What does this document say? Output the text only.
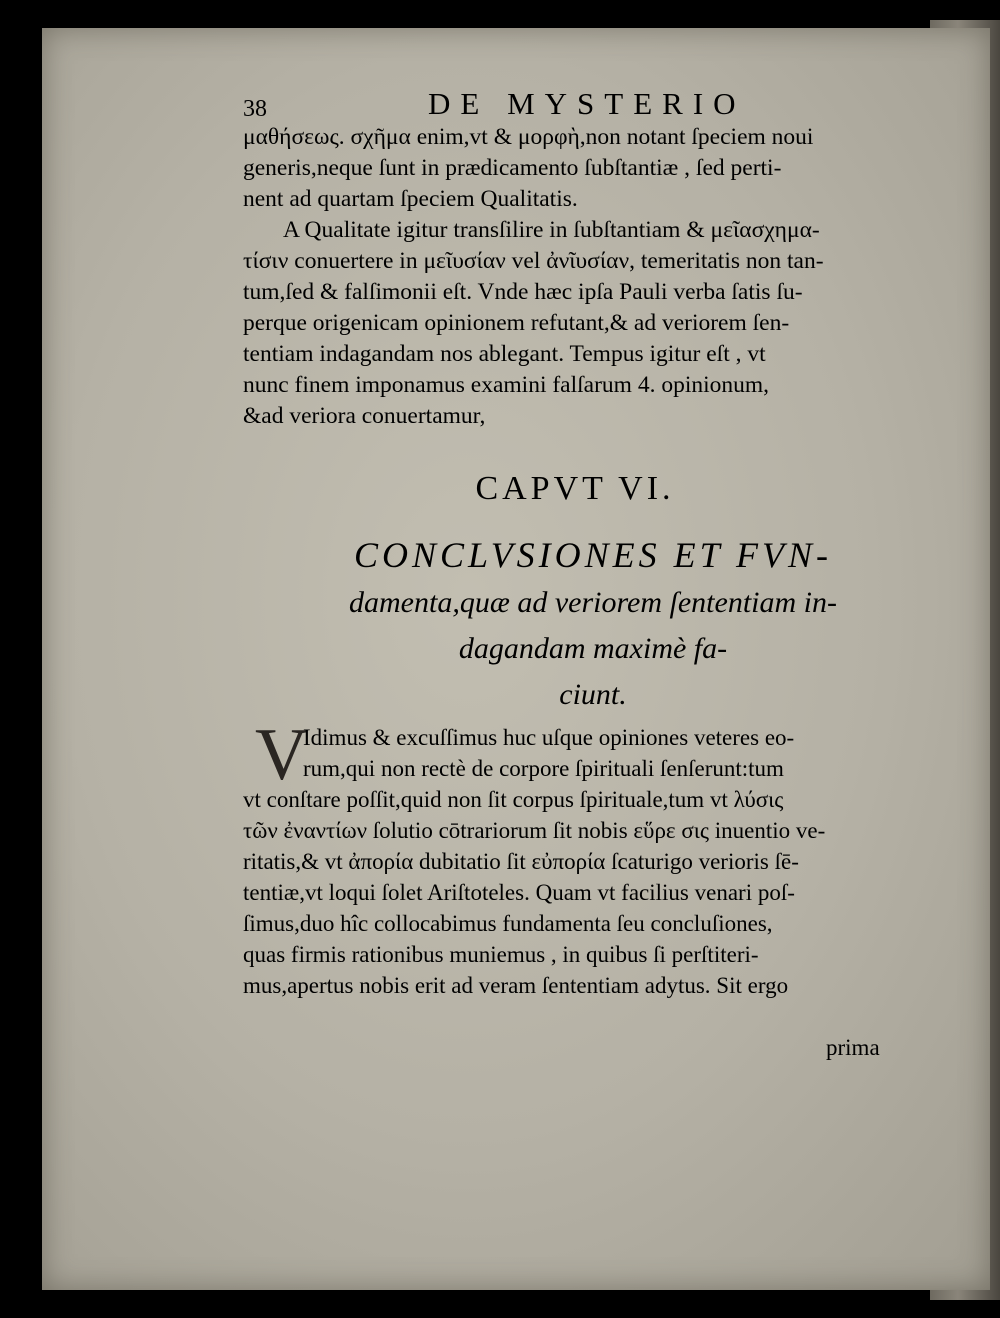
38	DE MYSTERIO
μαθήσεως. σχῆμα enim,vt & μορφὴ,non notant ſpeciem noui
generis,neque ſunt in prædicamento ſubſtantiæ , ſed perti-
nent ad quartam ſpeciem Qualitatis.
A Qualitate igitur transſilire in ſubſtantiam & μεῖασχημα-
τίσιν conuertere in μεῖυσίαν vel ἀνῖυσίαν, temeritatis non tan-
tum,ſed & falſimonii eſt. Vnde hæc ipſa Pauli verba ſatis ſu-
perque origenicam opinionem refutant,& ad veriorem ſen-
tentiam indagandam nos ablegant. Tempus igitur eſt , vt
nunc finem imponamus examini falſarum 4. opinionum,
&ad veriora conuertamur,
CAPVT VI.
CONCLVSIONES ET FVN-
damenta,quæ ad veriorem ſententiam in-
dagandam maximè fa-
ciunt.
V
Idimus & excuſſimus huc uſque opiniones veteres eo-
rum,qui non rectè de corpore ſpirituali ſenſerunt:tum
vt conſtare poſſit,quid non ſit corpus ſpirituale,tum vt λύσις
τῶν ἐναντίων ſolutio cōtrariorum ſit nobis εὕρε σις inuentio ve-
ritatis,& vt ἀπορία dubitatio ſit εὐπορία ſcaturigo verioris ſē-
tentiæ,vt loqui ſolet Ariſtoteles. Quam vt facilius venari poſ-
ſimus,duo hîc collocabimus fundamenta ſeu concluſiones,
quas firmis rationibus muniemus , in quibus ſi perſtiteri-
mus,apertus nobis erit ad veram ſententiam adytus. Sit ergo
prima
